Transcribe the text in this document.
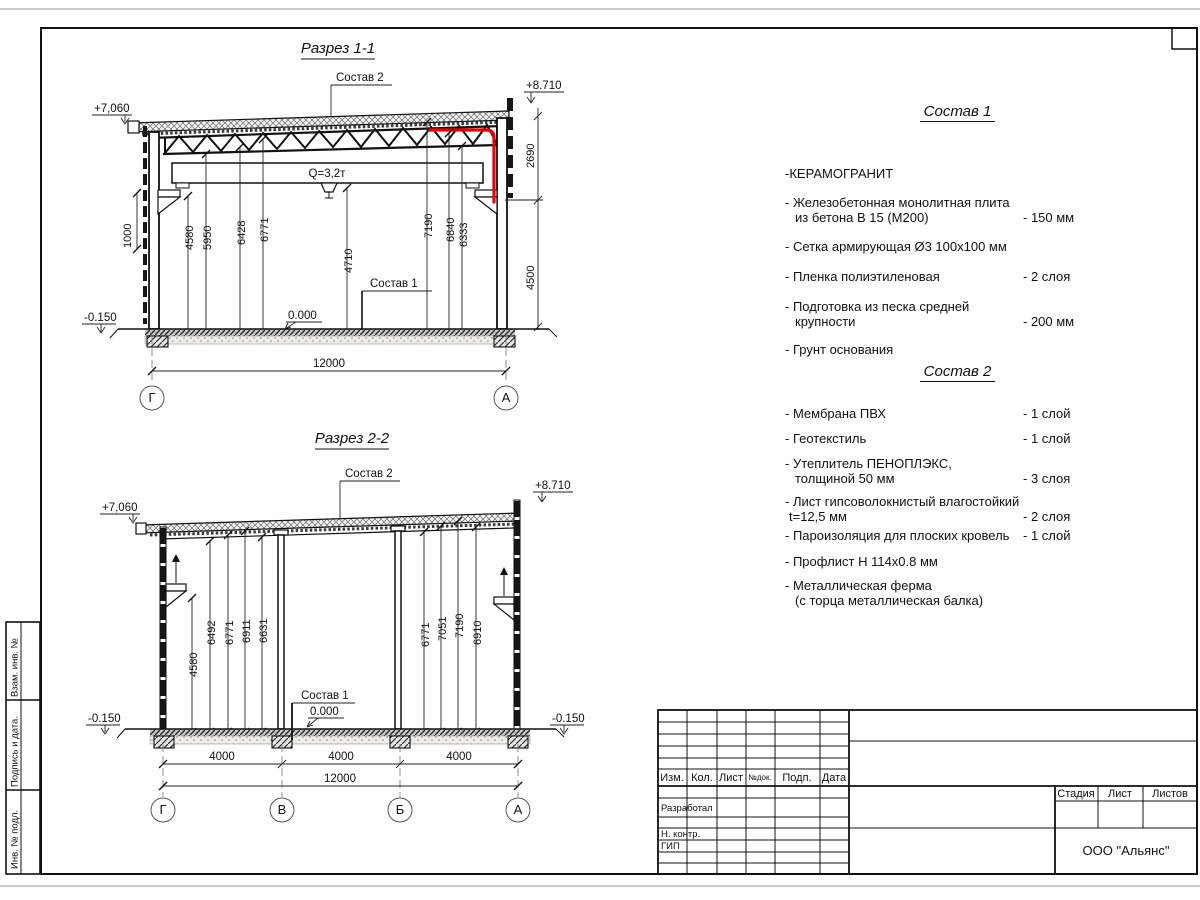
Взам. инв. №
Подпись и дата.
Инв. № подл.
Изм. Кол. Лист №док. Подп. Дата
Разработал
Н. контр.
ГИП
Стадия Лист Листов
ООО "Альянс"
Разрез 1-1
Состав 2
Q=3,2т
+7,060
+8.710
4580 5950 6428 6771
4710
7190 6840 6333
1000
2690
4500
0.000
-0.150
Состав 1
12000
Г	А
Разрез 2-2
Состав 2
+7,060
+8.710
4580
6492 6771 6911 6631	6771 7051 7190 6910
Состав 1
0.000
-0.150	-0.150
4000	4000	4000
12000
Г	В	Б	А
Состав 1
-КЕРАМОГРАНИТ
- Железобетонная монолитная плита
из бетона В 15 (М200)	- 150 мм
- Сетка армирующая Ø3 100х100 мм
- Пленка полиэтиленовая	- 2 слоя
- Подготовка из песка средней
крупности	- 200 мм
- Грунт основания
Состав 2
- Мембрана ПВХ	- 1 слой
- Геотекстиль	- 1 слой
- Утеплитель ПЕНОПЛЭКС,
толщиной 50 мм	- 3 слоя
- Лист гипсоволокнистый влагостойкий
t=12,5 мм	- 2 слоя
- Пароизоляция для плоских кровель	- 1 слой
- Профлист Н 114х0.8 мм
- Металлическая ферма
(с торца металлическая балка)
